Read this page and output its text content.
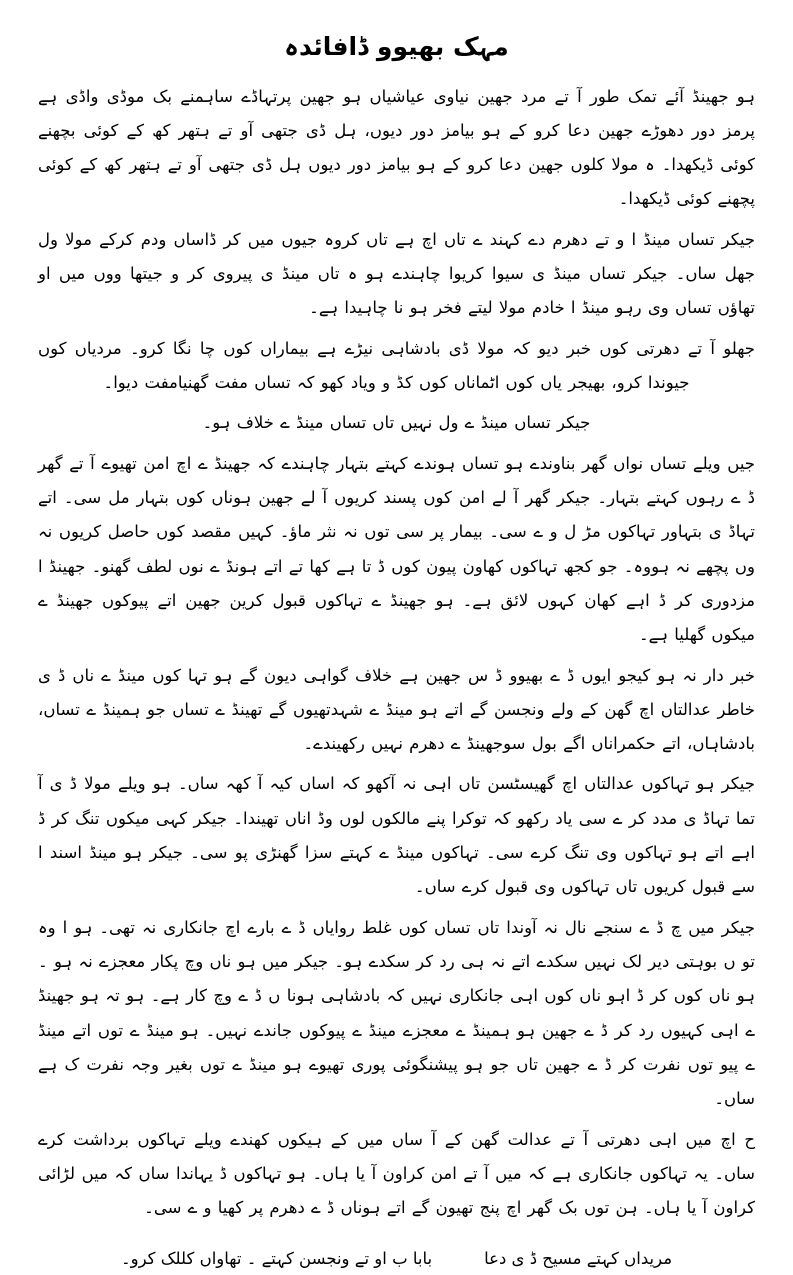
مہک بھیوو ڈافائدہ

ہو جھینڈ آئے تمک طور آ تے مرد جھین نیاوی عیاشیاں ہو جھین پرتہاڈے ساہمنے بک موڈی واڈی ہے پرمز دور دھوڑے جھین دعا کرو کے ہو بیامز دور دیوں، ہل ڈی جتھی آو تے ہتھر کھ کے کوئی بچھنے کوئی ڈیکھدا۔ ہ مولا کلوں جھین دعا کرو کے ہو بیامز دور دیوں ہل ڈی جتھی آو تے ہتھر کھ کے کوئی پچھنے کوئی ڈیکھدا۔

جیکر تساں مینڈ ا و تے دھرم دے کہند ے تاں اچ ہے تاں کروہ جیوں میں کر ڈاساں ودم کرکے مولا ول جھل ساں۔ جیکر تساں مینڈ ی سیوا کریوا چاہندے ہو ہ تاں مینڈ ی پیروی کر و جیتھا ووں میں او تھاؤں تساں وی رہو مینڈ ا خادم مولا لیتے فخر ہو نا چاہیدا ہے۔

جھلو آ تے دھرتی کوں خبر دیو کہ مولا ڈی بادشاہی نیڑے ہے بیماراں کوں چا نگا کرو۔ مردیاں کوں جیوندا کرو، بھیجر یاں کوں اٹماناں کوں کڈ و ویاد کھو کہ تساں مفت گھنیامفت دیوا۔

جیکر تساں مینڈ ے ول نہیں تاں تساں مینڈ ے خلاف ہو۔

جیں ویلے تساں نواں گھر بناوندے ہو تساں ہوندے کہتے بتہار چاہندے کہ جھینڈ ے اچ امن تھیوے آ تے گھر ڈ ے رہوں کہتے بتہار۔ جیکر گھر آ لے امن کوں پسند کریوں آ لے جھین ہوناں کوں بتہار مل سی۔ اتے تہاڈ ی بتہاور تہاکوں مڑ ل و ے سی۔ بیمار پر سی توں نہ نثر ماؤ۔ کہیں مقصد کوں حاصل کریوں نہ وں پچھے نہ ہووہ۔ جو کجھ تہاکوں کھاون پیون کوں ڈ تا ہے کھا تے اتے ہونڈ ے نوں لطف گھنو۔ جھینڈ ا مزدوری کر ڈ اہے کھان کہوں لائق ہے۔ ہو جھینڈ ے تہاکوں قبول کرین جھین اتے پیوکوں جھینڈ ے میکوں گھلیا ہے۔

خبر دار نہ ہو کیجو ایوں ڈ ے بھیوو ڈ س جھین ہے خلاف گواہی دیون گے ہو تہا کوں مینڈ ے ناں ڈ ی خاطر عدالتاں اچ گھن کے ولے ونجسن گے اتے ہو مینڈ ے شہدتھیوں گے تھینڈ ے تساں جو ہمینڈ ے تساں، بادشاہاں، اتے حکمراناں اگے بول سوجھینڈ ے دھرم نہیں رکھیندے۔

جیکر ہو تہاکوں عدالتاں اچ گھیسٹسن تاں اہی نہ آکھو کہ اساں کیہ آ کھہ ساں۔ ہو ویلے مولا ڈ ی آ تما تہاڈ ی مدد کر ے سی یاد رکھو کہ توکرا پنے مالکوں لوں وڈ اناں تھیندا۔ جیکر کہی میکوں تنگ کر ڈ اہے اتے ہو تہاکوں وی تنگ کرے سی۔ تہاکوں مینڈ ے کہتے سزا گھنڑی پو سی۔ جیکر ہو مینڈ اسند ا سے قبول کریوں تاں تہاکوں وی قبول کرے ساں۔

جیکر میں چ ڈ ے سنجے نال نہ آوندا تاں تساں کوں غلط روایاں ڈ ے بارے اچ جانکاری نہ تھی۔ ہو ا وہ تو ں بوہتی دیر لک نہیں سکدے اتے نہ ہی رد کر سکدے ہو۔ جیکر میں ہو ناں وچ پکار معجزے نہ ہو ۔ ہو ناں کوں کر ڈ اہو ناں کوں اہی جانکاری نہیں کہ بادشاہی ہونا ں ڈ ے وچ کار ہے۔ ہو تہ ہو جھینڈ ے اہی کہیوں رد کر ڈ ے جھین ہو ہمینڈ ے معجزے مینڈ ے پیوکوں جاندے نہیں۔ ہو مینڈ ے توں اتے مینڈ ے پیو توں نفرت کر ڈ ے جھین تاں جو ہو پیشنگوئی پوری تھیوے ہو مینڈ ے توں بغیر وجہ نفرت ک ہے ساں۔

ح اچ میں اہی دھرتی آ تے عدالت گھن کے آ ساں میں کے ہیکوں کھندے ویلے تہاکوں برداشت کرے ساں۔ یہ تہاکوں جانکاری ہے کہ میں آ تے امن کراون آ یا ہاں۔ ہو تہاکوں ڈ یہاندا ساں کہ میں لڑائی کراون آ یا ہاں۔ ہن توں بک گھر اچ پنج تھیون گے اتے ہوناں ڈ ے دھرم پر کھیا و ے سی۔

مریداں کہتے مسیح ڈ ی دعا
بابا ب او تے ونجسن کہتے ۔ تھاواں کللک کرو۔
